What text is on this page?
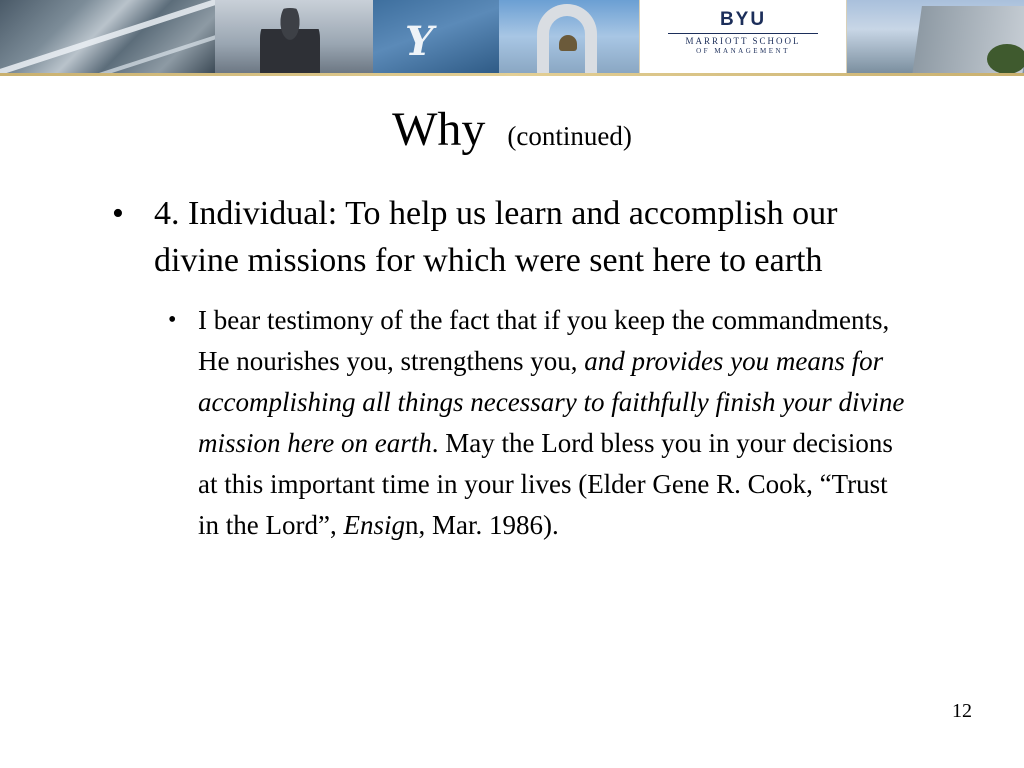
Y	BYU
MARRIOTT SCHOOL
OF MANAGEMENT
Why (continued)
• 4. Individual: To help us learn and accomplish our divine missions for which were sent here to earth
• I bear testimony of the fact that if you keep the commandments, He nourishes you, strengthens you, and provides you means for accomplishing all things necessary to faithfully finish your divine mission here on earth. May the Lord bless you in your decisions at this important time in your lives (Elder Gene R. Cook, “Trust in the Lord”, Ensign, Mar. 1986).
12
